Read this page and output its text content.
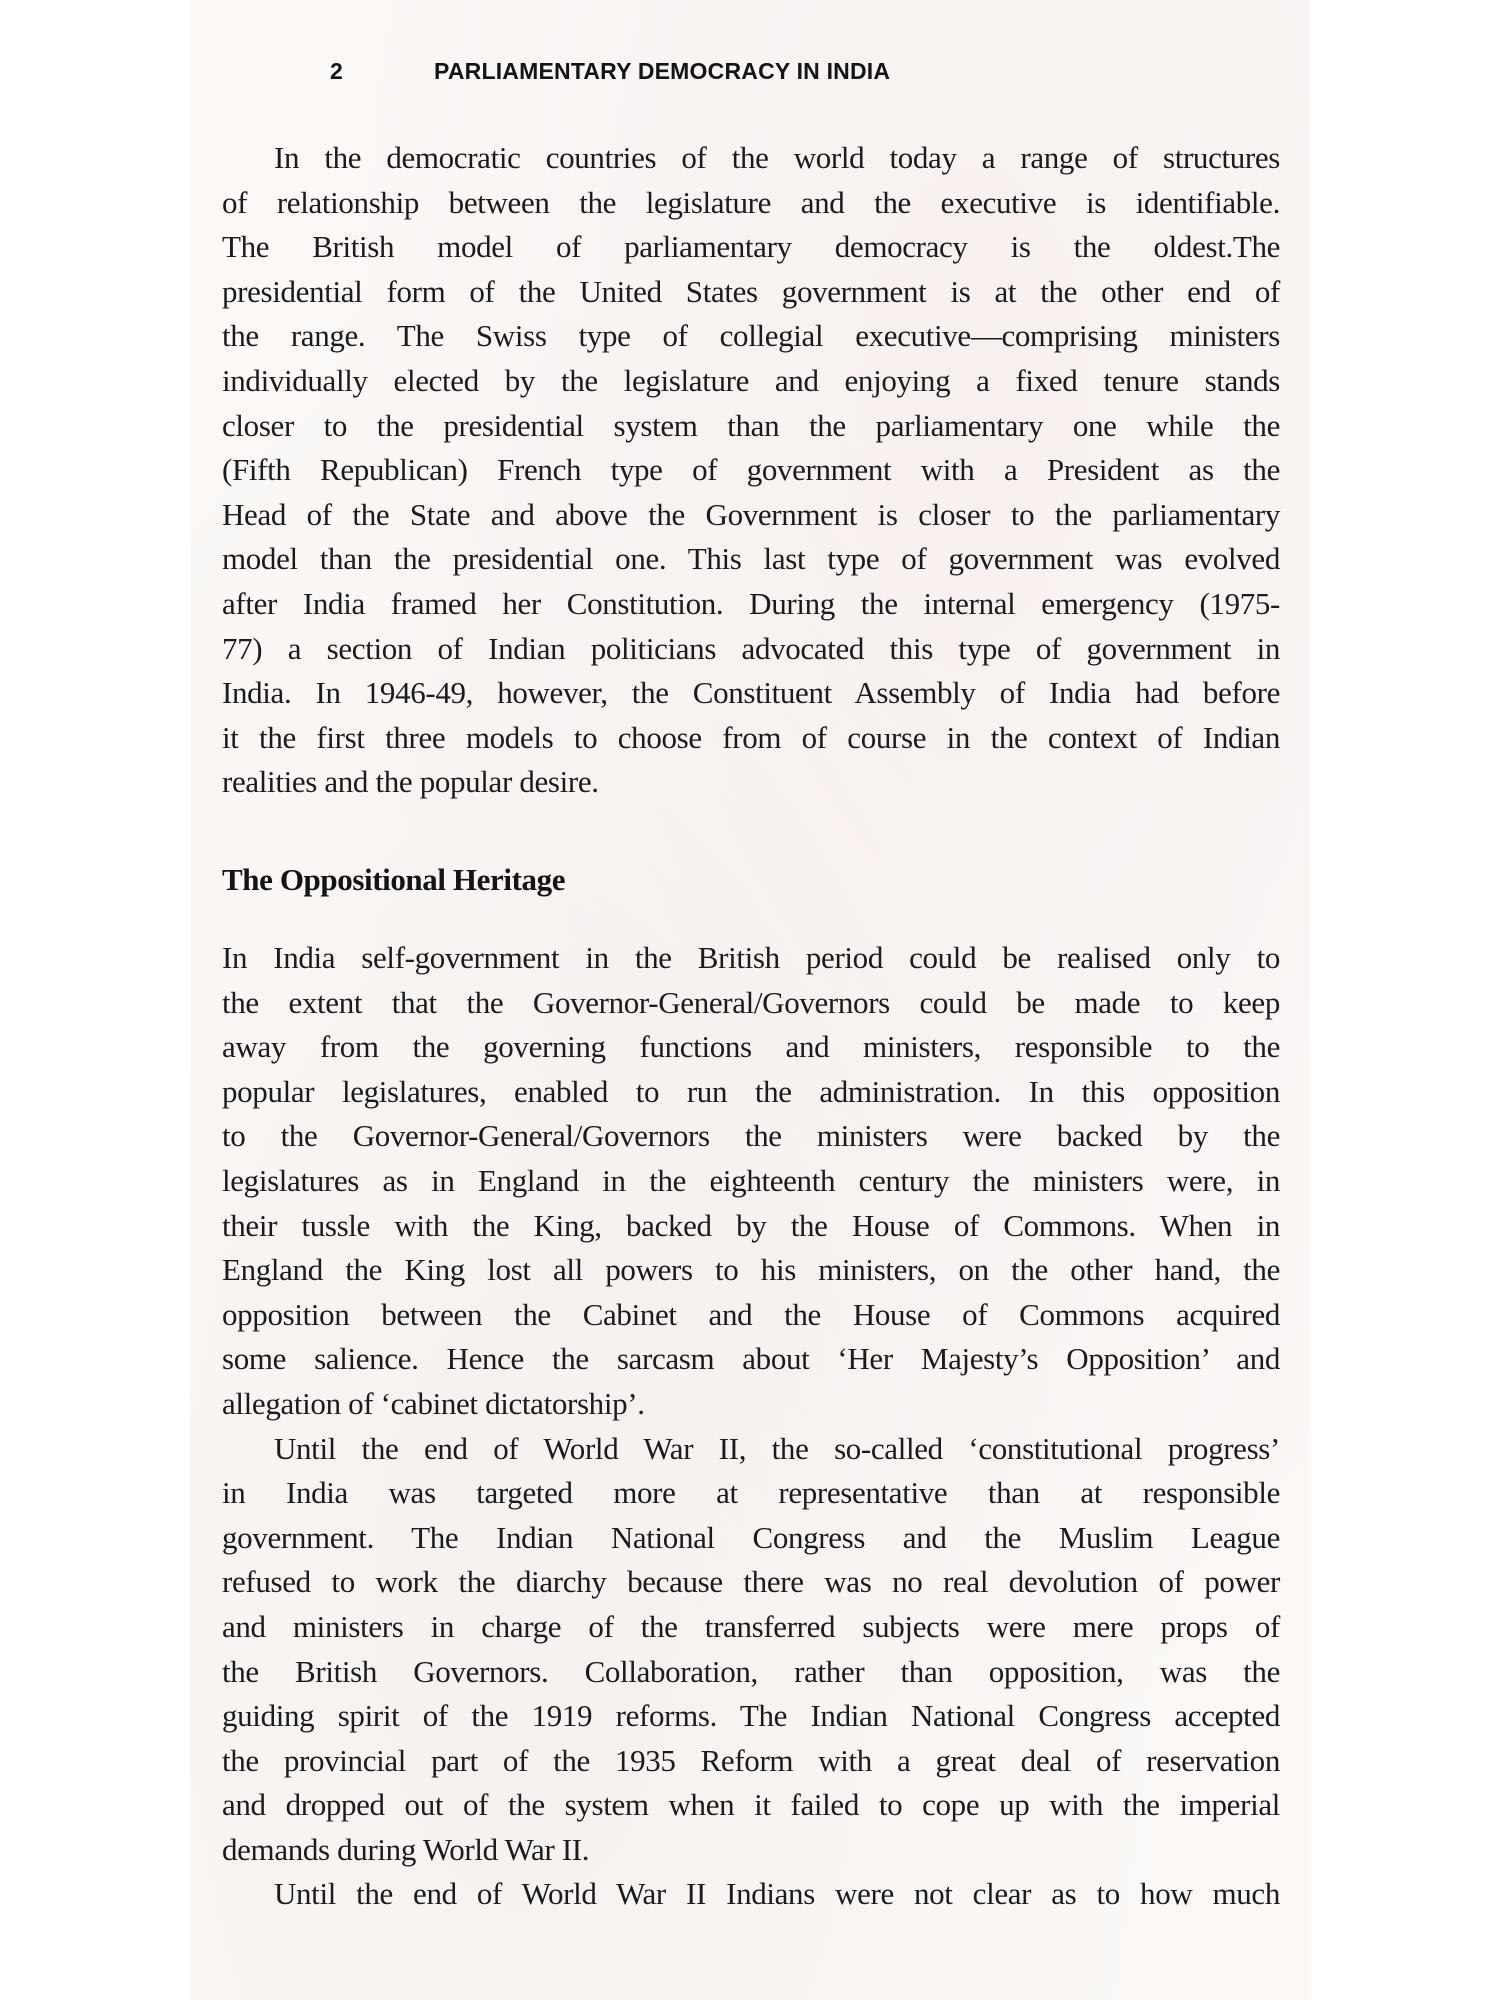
2	PARLIAMENTARY DEMOCRACY IN INDIA
In the democratic countries of the world today a range of structures
of relationship between the legislature and the executive is identifiable.
The British model of parliamentary democracy is the oldest.The
presidential form of the United States government is at the other end of
the range. The Swiss type of collegial executive—comprising ministers
individually elected by the legislature and enjoying a fixed tenure stands
closer to the presidential system than the parliamentary one while the
(Fifth Republican) French type of government with a President as the
Head of the State and above the Government is closer to the parliamentary
model than the presidential one. This last type of government was evolved
after India framed her Constitution. During the internal emergency (1975-
77) a section of Indian politicians advocated this type of government in
India. In 1946-49, however, the Constituent Assembly of India had before
it the first three models to choose from of course in the context of Indian
realities and the popular desire.
The Oppositional Heritage
In India self-government in the British period could be realised only to
the extent that the Governor-General/Governors could be made to keep
away from the governing functions and ministers, responsible to the
popular legislatures, enabled to run the administration. In this opposition
to the Governor-General/Governors the ministers were backed by the
legislatures as in England in the eighteenth century the ministers were, in
their tussle with the King, backed by the House of Commons. When in
England the King lost all powers to his ministers, on the other hand, the
opposition between the Cabinet and the House of Commons acquired
some salience. Hence the sarcasm about ‘Her Majesty’s Opposition’ and
allegation of ‘cabinet dictatorship’.
Until the end of World War II, the so-called ‘constitutional progress’
in India was targeted more at representative than at responsible
government. The Indian National Congress and the Muslim League
refused to work the diarchy because there was no real devolution of power
and ministers in charge of the transferred subjects were mere props of
the British Governors. Collaboration, rather than opposition, was the
guiding spirit of the 1919 reforms. The Indian National Congress accepted
the provincial part of the 1935 Reform with a great deal of reservation
and dropped out of the system when it failed to cope up with the imperial
demands during World War II.
Until the end of World War II Indians were not clear as to how much
